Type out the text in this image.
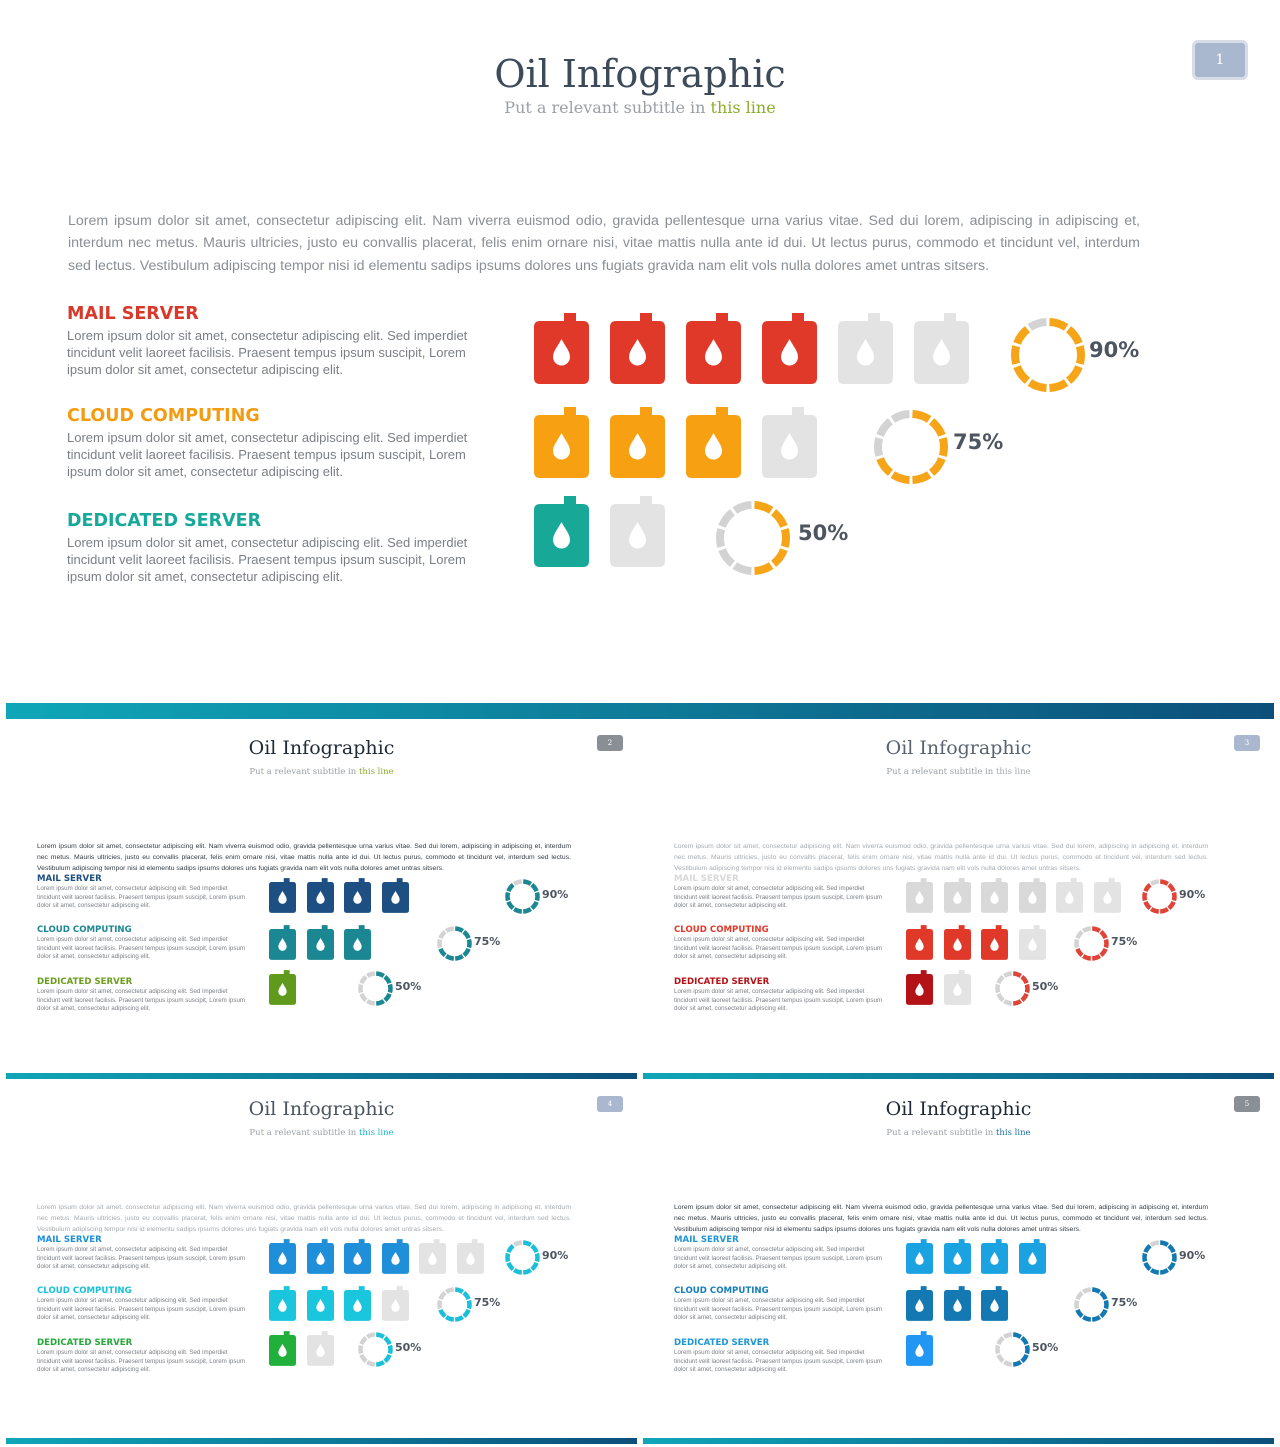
Oil Infographic
Put a relevant subtitle in this line
1
Lorem ipsum dolor sit amet, consectetur adipiscing elit. Nam viverra euismod odio, gravida pellentesque urna varius vitae. Sed dui lorem, adipiscing in adipiscing et, interdum nec metus. Mauris ultricies, justo eu convallis placerat, felis enim ornare nisi, vitae mattis nulla ante id dui. Ut lectus purus, commodo et tincidunt vel, interdum sed lectus. Vestibulum adipiscing tempor nisi id elementu sadips ipsums dolores uns fugiats gravida nam elit vols nulla dolores amet untras sitsers.
MAIL SERVER
Lorem ipsum dolor sit amet, consectetur adipiscing elit. Sed imperdiet tincidunt velit laoreet facilisis. Praesent tempus ipsum suscipit, Lorem ipsum dolor sit amet, consectetur adipiscing elit.
90%
CLOUD COMPUTING
Lorem ipsum dolor sit amet, consectetur adipiscing elit. Sed imperdiet tincidunt velit laoreet facilisis. Praesent tempus ipsum suscipit, Lorem ipsum dolor sit amet, consectetur adipiscing elit.
75%
DEDICATED SERVER
Lorem ipsum dolor sit amet, consectetur adipiscing elit. Sed imperdiet tincidunt velit laoreet facilisis. Praesent tempus ipsum suscipit, Lorem ipsum dolor sit amet, consectetur adipiscing elit.
50%
Oil Infographic
Put a relevant subtitle in this line
2
Lorem ipsum dolor sit amet, consectetur adipiscing elit. Nam viverra euismod odio, gravida pellentesque urna varius vitae. Sed dui lorem, adipiscing in adipiscing et, interdum nec metus. Mauris ultricies, justo eu convallis placerat, felis enim ornare nisi, vitae mattis nulla ante id dui. Ut lectus purus, commodo et tincidunt vel, interdum sed lectus. Vestibulum adipiscing tempor nisi id elementu sadips ipsums dolores uns fugiats gravida nam elit vols nulla dolores amet untras sitsers.
MAIL SERVER
Lorem ipsum dolor sit amet, consectetur adipiscing elit. Sed imperdiet tincidunt velit laoreet facilisis. Praesent tempus ipsum suscipit, Lorem ipsum dolor sit amet, consectetur adipiscing elit.
90%
CLOUD COMPUTING
Lorem ipsum dolor sit amet, consectetur adipiscing elit. Sed imperdiet tincidunt velit laoreet facilisis. Praesent tempus ipsum suscipit, Lorem ipsum dolor sit amet, consectetur adipiscing elit.
75%
DEDICATED SERVER
Lorem ipsum dolor sit amet, consectetur adipiscing elit. Sed imperdiet tincidunt velit laoreet facilisis. Praesent tempus ipsum suscipit, Lorem ipsum dolor sit amet, consectetur adipiscing elit.
50%
Oil Infographic
Put a relevant subtitle in this line
3
Lorem ipsum dolor sit amet, consectetur adipiscing elit. Nam viverra euismod odio, gravida pellentesque urna varius vitae. Sed dui lorem, adipiscing in adipiscing et, interdum nec metus. Mauris ultricies, justo eu convallis placerat, felis enim ornare nisi, vitae mattis nulla ante id dui. Ut lectus purus, commodo et tincidunt vel, interdum sed lectus. Vestibulum adipiscing tempor nisi id elementu sadips ipsums dolores uns fugiats gravida nam elit vols nulla dolores amet untras sitsers.
MAIL SERVER
Lorem ipsum dolor sit amet, consectetur adipiscing elit. Sed imperdiet tincidunt velit laoreet facilisis. Praesent tempus ipsum suscipit, Lorem ipsum dolor sit amet, consectetur adipiscing elit.
90%
CLOUD COMPUTING
Lorem ipsum dolor sit amet, consectetur adipiscing elit. Sed imperdiet tincidunt velit laoreet facilisis. Praesent tempus ipsum suscipit, Lorem ipsum dolor sit amet, consectetur adipiscing elit.
75%
DEDICATED SERVER
Lorem ipsum dolor sit amet, consectetur adipiscing elit. Sed imperdiet tincidunt velit laoreet facilisis. Praesent tempus ipsum suscipit, Lorem ipsum dolor sit amet, consectetur adipiscing elit.
50%
Oil Infographic
Put a relevant subtitle in this line
4
Lorem ipsum dolor sit amet, consectetur adipiscing elit. Nam viverra euismod odio, gravida pellentesque urna varius vitae. Sed dui lorem, adipiscing in adipiscing et, interdum nec metus. Mauris ultricies, justo eu convallis placerat, felis enim ornare nisi, vitae mattis nulla ante id dui. Ut lectus purus, commodo et tincidunt vel, interdum sed lectus. Vestibulum adipiscing tempor nisi id elementu sadips ipsums dolores uns fugiats gravida nam elit vols nulla dolores amet untras sitsers.
MAIL SERVER
Lorem ipsum dolor sit amet, consectetur adipiscing elit. Sed imperdiet tincidunt velit laoreet facilisis. Praesent tempus ipsum suscipit, Lorem ipsum dolor sit amet, consectetur adipiscing elit.
90%
CLOUD COMPUTING
Lorem ipsum dolor sit amet, consectetur adipiscing elit. Sed imperdiet tincidunt velit laoreet facilisis. Praesent tempus ipsum suscipit, Lorem ipsum dolor sit amet, consectetur adipiscing elit.
75%
DEDICATED SERVER
Lorem ipsum dolor sit amet, consectetur adipiscing elit. Sed imperdiet tincidunt velit laoreet facilisis. Praesent tempus ipsum suscipit, Lorem ipsum dolor sit amet, consectetur adipiscing elit.
50%
Oil Infographic
Put a relevant subtitle in this line
5
Lorem ipsum dolor sit amet, consectetur adipiscing elit. Nam viverra euismod odio, gravida pellentesque urna varius vitae. Sed dui lorem, adipiscing in adipiscing et, interdum nec metus. Mauris ultricies, justo eu convallis placerat, felis enim ornare nisi, vitae mattis nulla ante id dui. Ut lectus purus, commodo et tincidunt vel, interdum sed lectus. Vestibulum adipiscing tempor nisi id elementu sadips ipsums dolores uns fugiats gravida nam elit vols nulla dolores amet untras sitsers.
MAIL SERVER
Lorem ipsum dolor sit amet, consectetur adipiscing elit. Sed imperdiet tincidunt velit laoreet facilisis. Praesent tempus ipsum suscipit, Lorem ipsum dolor sit amet, consectetur adipiscing elit.
90%
CLOUD COMPUTING
Lorem ipsum dolor sit amet, consectetur adipiscing elit. Sed imperdiet tincidunt velit laoreet facilisis. Praesent tempus ipsum suscipit, Lorem ipsum dolor sit amet, consectetur adipiscing elit.
75%
DEDICATED SERVER
Lorem ipsum dolor sit amet, consectetur adipiscing elit. Sed imperdiet tincidunt velit laoreet facilisis. Praesent tempus ipsum suscipit, Lorem ipsum dolor sit amet, consectetur adipiscing elit.
50%
